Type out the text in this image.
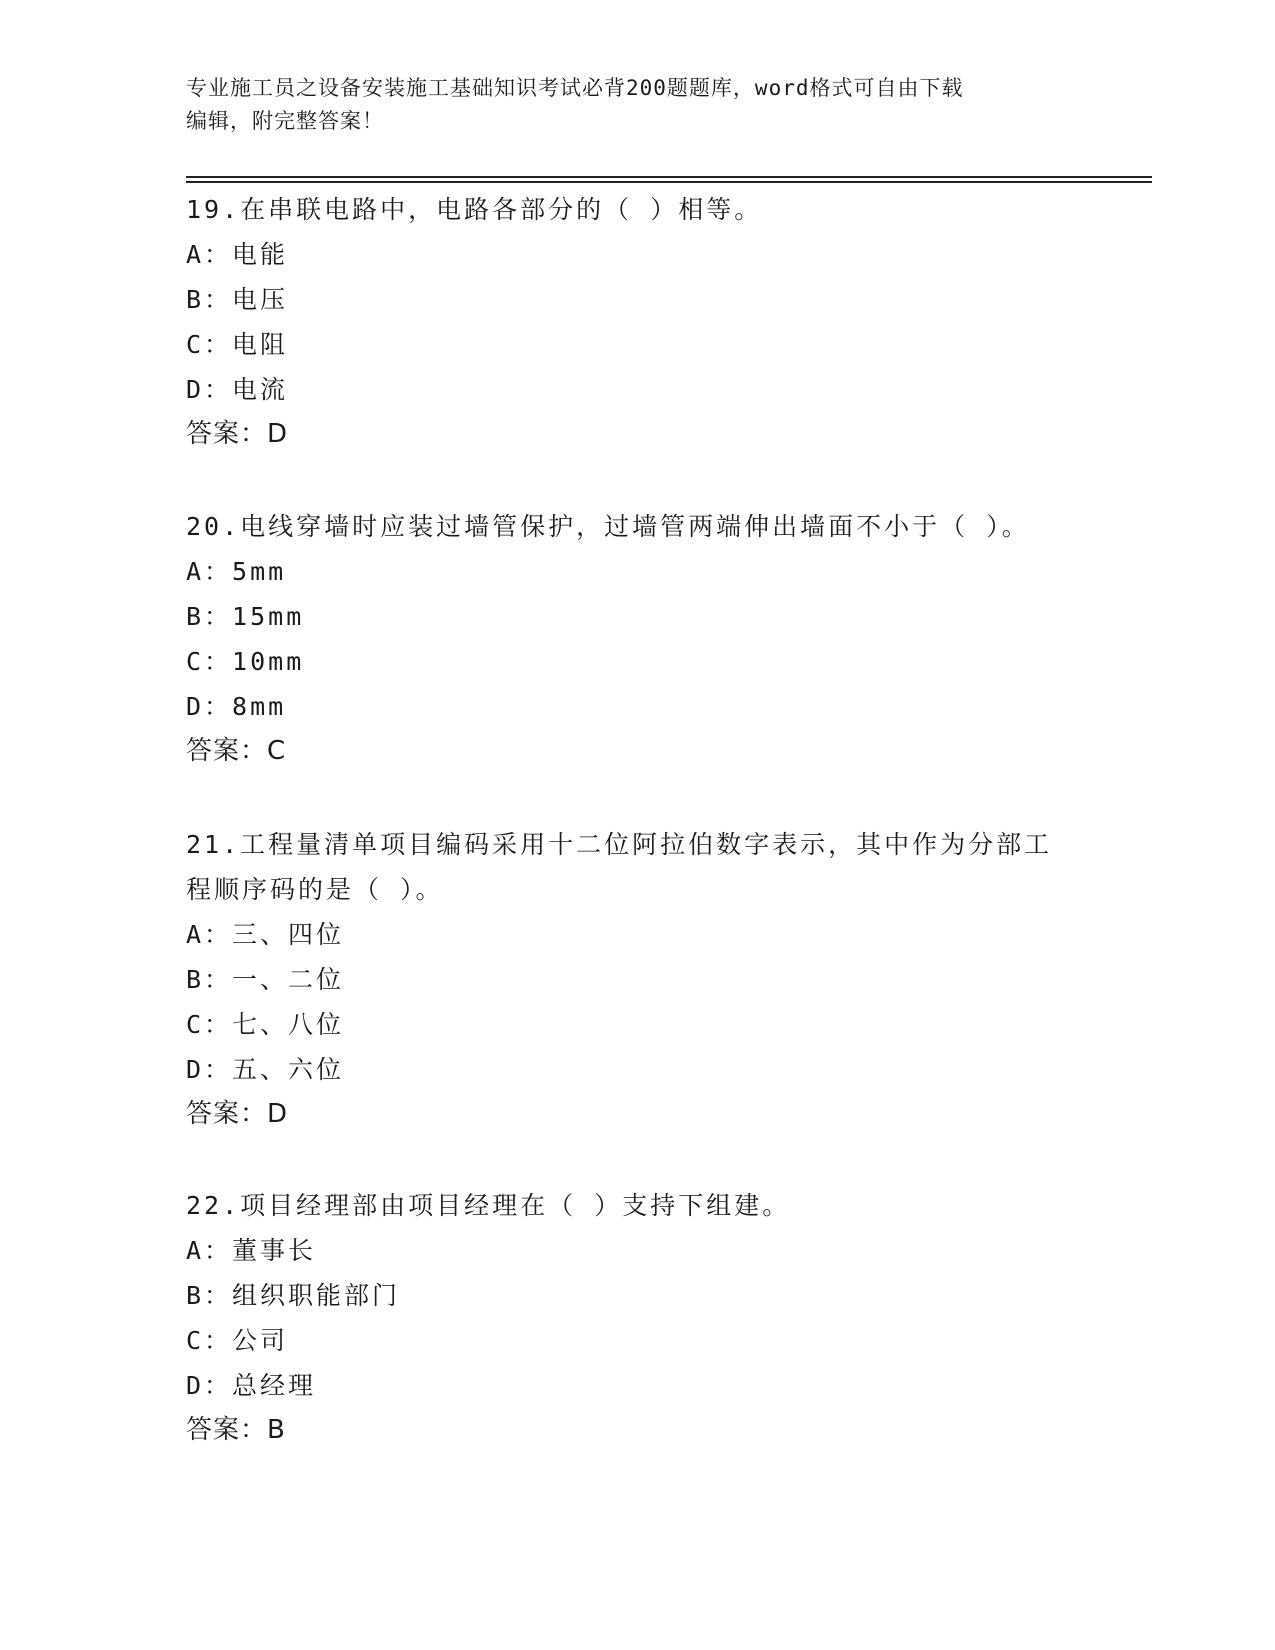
专业施工员之设备安装施工基础知识考试必背200题题库，word格式可自由下载
编辑，附完整答案！
19.在串联电路中，电路各部分的（ ）相等。
A：电能
B：电压
C：电阻
D：电流
答案：D
20.电线穿墙时应装过墙管保护，过墙管两端伸出墙面不小于（ ）。
A：5mm
B：15mm
C：10mm
D：8mm
答案：C
21.工程量清单项目编码采用十二位阿拉伯数字表示，其中作为分部工程顺序码的是（ ）。
A：三、四位
B：一、二位
C：七、八位
D：五、六位
答案：D
22.项目经理部由项目经理在（ ）支持下组建。
A：董事长
B：组织职能部门
C：公司
D：总经理
答案：B
